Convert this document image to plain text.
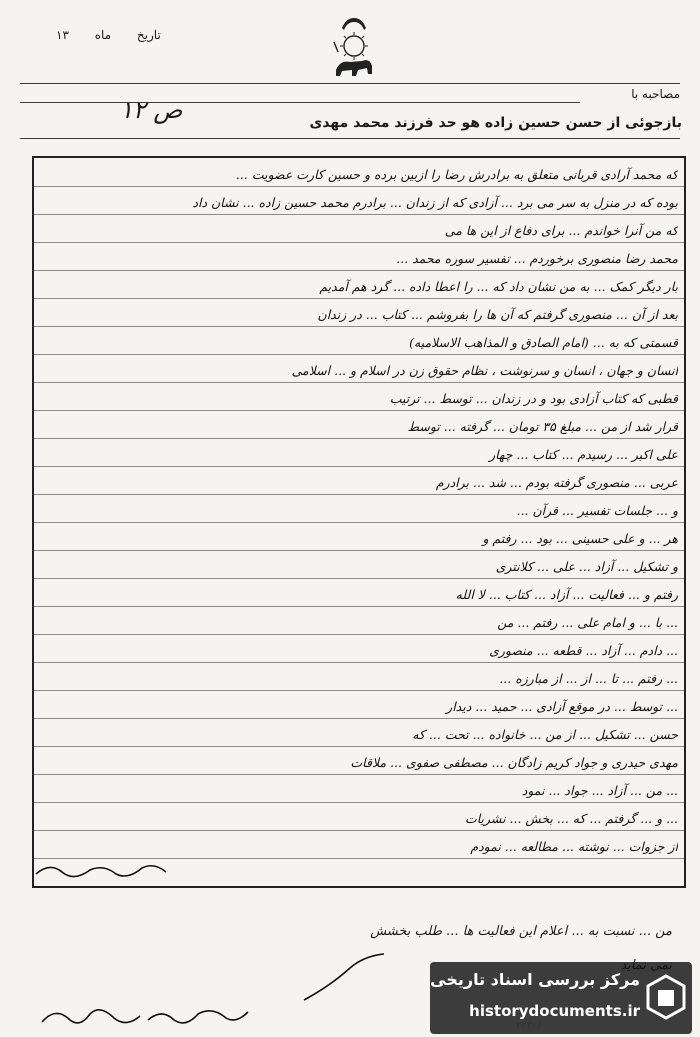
تاریخ ماه ۱۳
مصاحبه با
ص ۱۲	بازجوئی از حسن حسین زاده هو حد فرزند محمد مهدی
که محمد آرادی قربانی متعلق به برادرش رضا را ازبین برده و حسین کارت عضویت ...
بوده که در منزل به سر می برد ... آزادی که از زندان ... برادرم محمد حسین زاده ... نشان داد
که من آنرا خواندم ... برای دفاع از این ها می
محمد رضا منصوری برخوردم ... تفسیر سوره محمد ...
بار دیگر کمک ... به من نشان داد که ... را اعطا داده ... گرد هم آمدیم
بعد از آن ... منصوری گرفتم که آن ها را بفروشم ... کتاب ... در زندان
قسمتی که به ... (امام الصادق و المذاهب الاسلامیه)
انسان و جهان ، انسان و سرنوشت ، نظام حقوق زن در اسلام و ... اسلامی
قطبی که کتاب آزادی بود و در زندان ... توسط ... ترتیب
قرار شد از من ... مبلغ ۳۵ تومان ... گرفته ... توسط
علی اکبر ... رسیدم ... کتاب ... چهار
عربی ... منصوری گرفته بودم ... شد ... برادرم
و ... جلسات تفسیر ... قرآن ...
هر ... و علی حسینی ... بود ... رفتم و
و تشکیل ... آزاد ... علی ... کلانتری
رفتم و ... فعالیت ... آزاد ... کتاب ... لا الله
... با ... و امام علی ... رفتم ... من
... دادم ... آزاد ... قطعه ... منصوری
... رفتم ... تا ... از ... از مبارزه ...
... توسط ... در موقع آزادی ... حمید ... دیدار
حسن ... تشکیل ... از من ... خانواده ... تحت ... که
مهدی حیدری و جواد کریم زادگان ... مصطفی صفوی ... ملاقات
... من ... آزاد ... جواد ... نمود
... و ... گرفتم ... که ... بخش ... نشریات
از جزوات ... نوشته ... مطالعه ... نمودم
من ... نسبت به ... اعلام این فعالیت ها ... طلب بخشش
مرکز بررسی اسناد تاریخی
historydocuments.ir
۲۲۳۰/
